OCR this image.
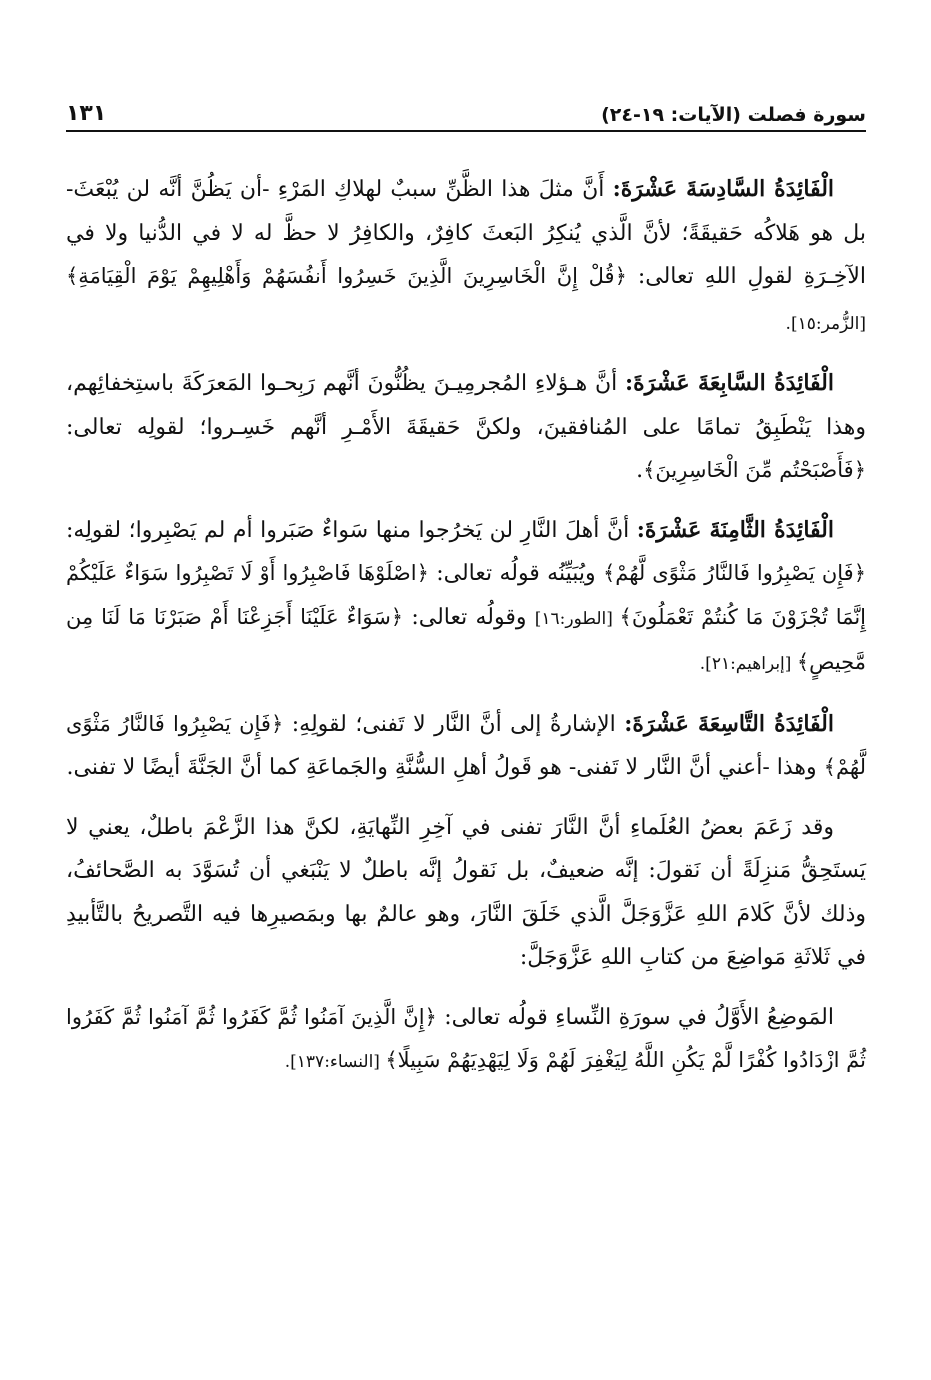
سورة فصلت (الآيات: ١٩-٢٤)
١٣١

الْفَائِدَةُ السَّادِسَةَ عَشْرَةَ: أَنَّ مثلَ هذا الظَّنِّ سببٌ لهلاكِ المَرْءِ -أن يَظُنَّ أنَّه لن يُبْعَثَ- بل هو هَلاكُه حَقيقَةً؛ لأنَّ الَّذي يُنكِرُ البَعثَ كافِرٌ، والكافِرُ لا حظَّ له لا في الدُّنيا ولا في الآخِـرَةِ لقولِ اللهِ تعالى: ﴿قُلْ إِنَّ الْخَاسِرِينَ الَّذِينَ خَسِرُوا أَنفُسَهُمْ وَأَهْلِيهِمْ يَوْمَ الْقِيَامَةِ﴾ [الزُّمر:١٥].

الْفَائِدَةُ السَّابِعَةَ عَشْرَةَ: أنَّ هـؤلاءِ المُجرمِيـنَ يظُنُّونَ أنَّهم رَبِحـوا المَعرَكَةَ باستِخفائِهم، وهذا يَنْطَبِقُ تمامًا على المُنافقينَ، ولكنَّ حَقيقَةَ الأَمْـرِ أنَّهم خَسِـروا؛ لقولِه تعالى: ﴿فَأَصْبَحْتُم مِّنَ الْخَاسِرِينَ﴾.

الْفَائِدَةُ الثَّامِنَةَ عَشْرَةَ: أنَّ أهلَ النَّارِ لن يَخرُجوا منها سَواءٌ صَبَروا أم لم يَصْبِروا؛ لقولِه: ﴿فَإِن يَصْبِرُوا فَالنَّارُ مَثْوًى لَّهُمْ﴾ ويُبَيِّنُه قولُه تعالى: ﴿اصْلَوْهَا فَاصْبِرُوا أَوْ لَا تَصْبِرُوا سَوَاءٌ عَلَيْكُمْ إِنَّمَا تُجْزَوْنَ مَا كُنتُمْ تَعْمَلُونَ﴾ [الطور:١٦] وقولُه تعالى: ﴿سَوَاءٌ عَلَيْنَا أَجَزِعْنَا أَمْ صَبَرْنَا مَا لَنَا مِن مَّحِيصٍ﴾ [إبراهيم:٢١].

الْفَائِدَةُ التَّاسِعَةَ عَشْرَةَ: الإشارةُ إلى أنَّ النَّار لا تَفنى؛ لقولِهِ: ﴿فَإِن يَصْبِرُوا فَالنَّارُ مَثْوًى لَّهُمْ﴾ وهذا -أعني أنَّ النَّار لا تَفنى- هو قَولُ أهلِ السُّنَّةِ والجَماعَةِ كما أنَّ الجَنَّةَ أيضًا لا تفنى.

وقد زَعَمَ بعضُ العُلَماءِ أنَّ النَّارَ تفنى في آخِرِ النِّهايَةِ، لكنَّ هذا الزَّعْمَ باطلٌ، يعني لا يَستَحِقُّ مَنزِلَةً أن نَقولَ: إنَّه ضعيفٌ، بل نَقولُ إنَّه باطلٌ لا يَنْبَغي أن تُسَوَّدَ به الصَّحائفُ، وذلك لأنَّ كَلامَ اللهِ عَزَّوَجَلَّ الَّذي خَلَقَ النَّارَ، وهو عالمٌ بها وبمَصيرِها فيه التَّصريحُ بالتَّأبيدِ في ثَلاثَةِ مَواضِعَ من كتابِ اللهِ عَزَّوَجَلَّ:

المَوضِعُ الأَوَّلُ في سورَةِ النِّساءِ قولُه تعالى: ﴿إِنَّ الَّذِينَ آمَنُوا ثُمَّ كَفَرُوا ثُمَّ آمَنُوا ثُمَّ كَفَرُوا ثُمَّ ازْدَادُوا كُفْرًا لَّمْ يَكُنِ اللَّهُ لِيَغْفِرَ لَهُمْ وَلَا لِيَهْدِيَهُمْ سَبِيلًا﴾ [النساء:١٣٧].
